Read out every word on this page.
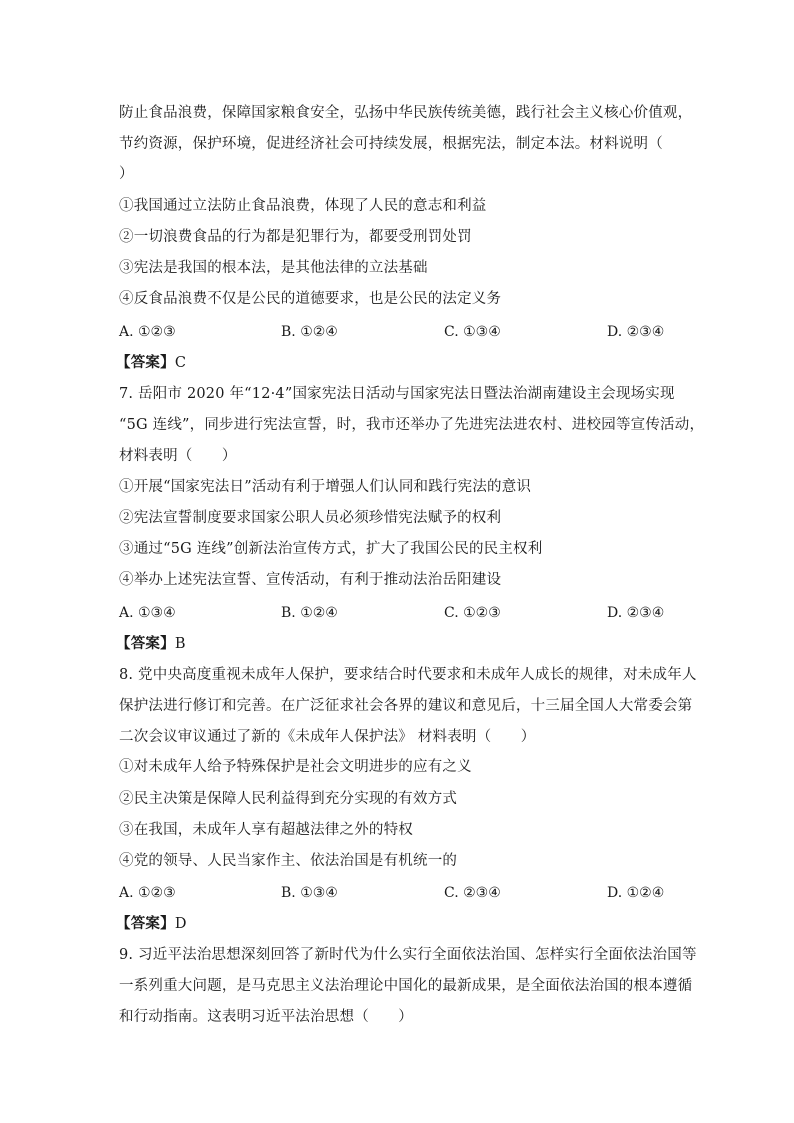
防止食品浪费，保障国家粮食安全，弘扬中华民族传统美德，践行社会主义核心价值观，
节约资源，保护环境，促进经济社会可持续发展，根据宪法，制定本法。材料说明（
）
①我国通过立法防止食品浪费，体现了人民的意志和利益
②一切浪费食品的行为都是犯罪行为，都要受刑罚处罚
③宪法是我国的根本法，是其他法律的立法基础
④反食品浪费不仅是公民的道德要求，也是公民的法定义务
A. ①②③	B. ①②④	C. ①③④	D. ②③④
【答案】C
7. 岳阳市 2020 年“12·4”国家宪法日活动与国家宪法日暨法治湖南建设主会现场实现
“5G 连线”，同步进行宪法宣誓，时，我市还举办了先进宪法进农村、进校园等宣传活动，
材料表明（　　）
①开展“国家宪法日”活动有利于增强人们认同和践行宪法的意识
②宪法宣誓制度要求国家公职人员必须珍惜宪法赋予的权利
③通过“5G 连线”创新法治宣传方式，扩大了我国公民的民主权利
④举办上述宪法宣誓、宣传活动，有利于推动法治岳阳建设
A. ①③④	B. ①②④	C. ①②③	D. ②③④
【答案】B
8. 党中央高度重视未成年人保护，要求结合时代要求和未成年人成长的规律，对未成年人
保护法进行修订和完善。在广泛征求社会各界的建议和意见后，十三届全国人大常委会第
二次会议审议通过了新的《未成年人保护法》 材料表明（　　）
①对未成年人给予特殊保护是社会文明进步的应有之义
②民主决策是保障人民利益得到充分实现的有效方式
③在我国，未成年人享有超越法律之外的特权
④党的领导、人民当家作主、依法治国是有机统一的
A. ①②③	B. ①③④	C. ②③④	D. ①②④
【答案】D
9. 习近平法治思想深刻回答了新时代为什么实行全面依法治国、怎样实行全面依法治国等
一系列重大问题，是马克思主义法治理论中国化的最新成果，是全面依法治国的根本遵循
和行动指南。这表明习近平法治思想（　　）
